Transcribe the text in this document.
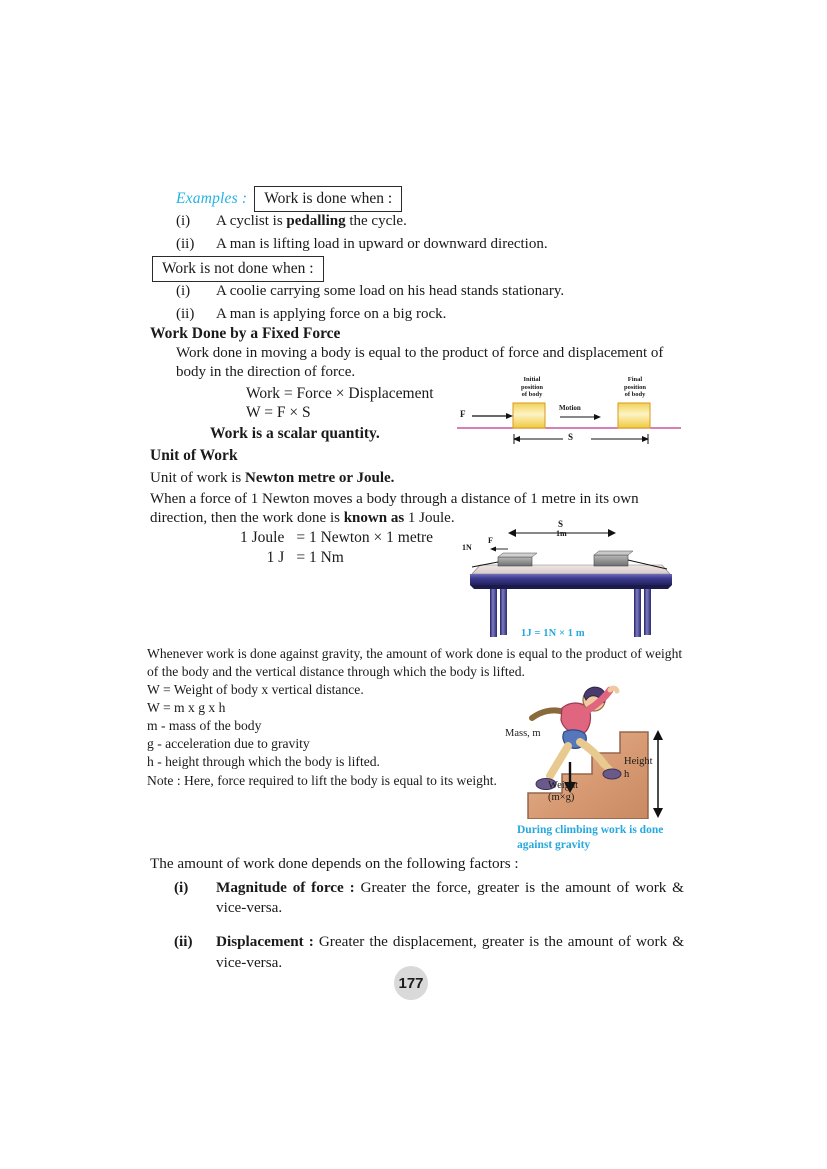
Examples :	Work is done when :
(i)	A cyclist is pedalling the cycle.
(ii)	A man is lifting load in upward or downward direction.
Work is not done when :
(i)	A coolie carrying some load on his head stands stationary.
(ii)	A man is applying force on a big rock.
Work Done by a Fixed Force
Work done in moving a body is equal to the product of force and displacement of body in the direction of force.
Work = Force × Displacement
W = F × S
Work is a scalar quantity.
Initial
position
of body
Final
position
of body
F
Motion
S
Unit of Work
Unit of work is Newton metre or Joule.
When a force of 1 Newton moves a body through a distance of 1 metre in its own direction, then the work done is known as 1 Joule.
1 Joule	= 1 Newton × 1 metre
1 J	= 1 Nm
1N
F
S
1m
1J = 1N × 1 m
Whenever work is done against gravity, the amount of work done is equal to the product of weight of the body and the vertical distance through which the body is lifted.
W = Weight of body x vertical distance.
W = m x g x h
m - mass of the body
g - acceleration due to gravity
h - height through which the body is lifted.
Note : Here, force required to lift the body is equal to its weight.
Mass, m
Weight
(m×g)
Height
h
During climbing work is done
against gravity
The amount of work done depends on the following factors :
(i)	Magnitude of force : Greater the force, greater is the amount of work & vice-versa.
(ii)	Displacement : Greater the displacement, greater is the amount of work & vice-versa.
177
